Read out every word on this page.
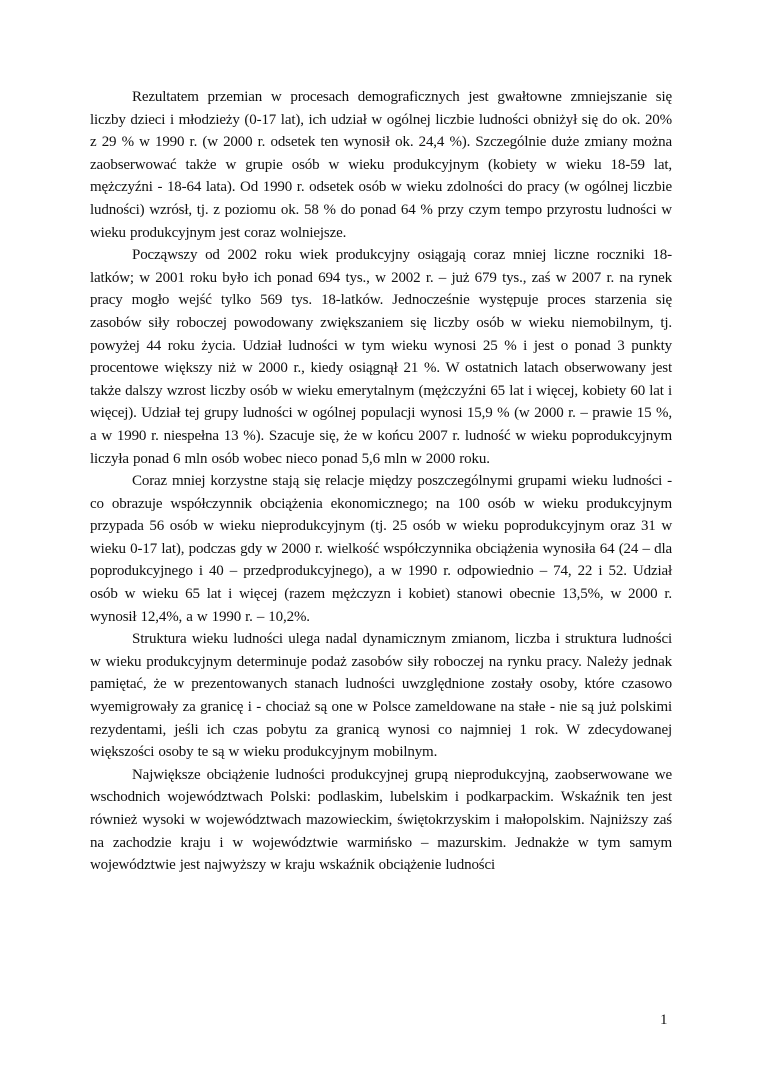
Rezultatem przemian w procesach demograficznych jest gwałtowne zmniejszanie się liczby dzieci i młodzieży (0-17 lat), ich udział w ogólnej liczbie ludności obniżył się do ok. 20% z 29 % w 1990 r. (w 2000 r. odsetek ten wynosił ok. 24,4 %). Szczególnie duże zmiany można zaobserwować także w grupie osób w wieku produkcyjnym (kobiety w wieku 18-59 lat, mężczyźni - 18-64 lata). Od 1990 r. odsetek osób w wieku zdolności do pracy (w ogólnej liczbie ludności) wzrósł, tj. z poziomu ok. 58 % do ponad 64 % przy czym tempo przyrostu ludności w wieku produkcyjnym jest coraz wolniejsze.

Począwszy od 2002 roku wiek produkcyjny osiągają coraz mniej liczne roczniki 18-latków; w 2001 roku było ich ponad 694 tys., w 2002 r. – już 679 tys., zaś w 2007 r. na rynek pracy mogło wejść tylko 569 tys. 18-latków. Jednocześnie występuje proces starzenia się zasobów siły roboczej powodowany zwiększaniem się liczby osób w wieku niemobilnym, tj. powyżej 44 roku życia. Udział ludności w tym wieku wynosi 25 % i jest o ponad 3 punkty procentowe większy niż w 2000 r., kiedy osiągnął 21 %. W ostatnich latach obserwowany jest także dalszy wzrost liczby osób w wieku emerytalnym (mężczyźni 65 lat i więcej, kobiety 60 lat i więcej). Udział tej grupy ludności w ogólnej populacji wynosi 15,9 % (w 2000 r. – prawie 15 %, a w 1990 r. niespełna 13 %). Szacuje się, że w końcu 2007 r. ludność w wieku poprodukcyjnym liczyła ponad 6 mln osób wobec nieco ponad 5,6 mln w 2000 roku.

Coraz mniej korzystne stają się relacje między poszczególnymi grupami wieku ludności - co obrazuje współczynnik obciążenia ekonomicznego; na 100 osób w wieku produkcyjnym przypada 56 osób w wieku nieprodukcyjnym (tj. 25 osób w wieku poprodukcyjnym oraz 31 w wieku 0-17 lat), podczas gdy w 2000 r. wielkość współczynnika obciążenia wynosiła 64 (24 – dla poprodukcyjnego i 40 – przedprodukcyjnego), a w 1990 r. odpowiednio – 74, 22 i 52. Udział osób w wieku 65 lat i więcej (razem mężczyzn i kobiet) stanowi obecnie 13,5%, w 2000 r. wynosił 12,4%, a w 1990 r. – 10,2%.

Struktura wieku ludności ulega nadal dynamicznym zmianom, liczba i struktura ludności w wieku produkcyjnym determinuje podaż zasobów siły roboczej na rynku pracy. Należy jednak pamiętać, że w prezentowanych stanach ludności uwzględnione zostały osoby, które czasowo wyemigrowały za granicę i - chociaż są one w Polsce zameldowane na stałe - nie są już polskimi rezydentami, jeśli ich czas pobytu za granicą wynosi co najmniej 1 rok. W zdecydowanej większości osoby te są w wieku produkcyjnym mobilnym.

Największe obciążenie ludności produkcyjnej grupą nieprodukcyjną, zaobserwowane we wschodnich województwach Polski: podlaskim, lubelskim i podkarpackim. Wskaźnik ten jest również wysoki w województwach mazowieckim, świętokrzyskim i małopolskim. Najniższy zaś na zachodzie kraju i w województwie warmińsko – mazurskim. Jednakże w tym samym województwie jest najwyższy w kraju wskaźnik obciążenie ludności

1
